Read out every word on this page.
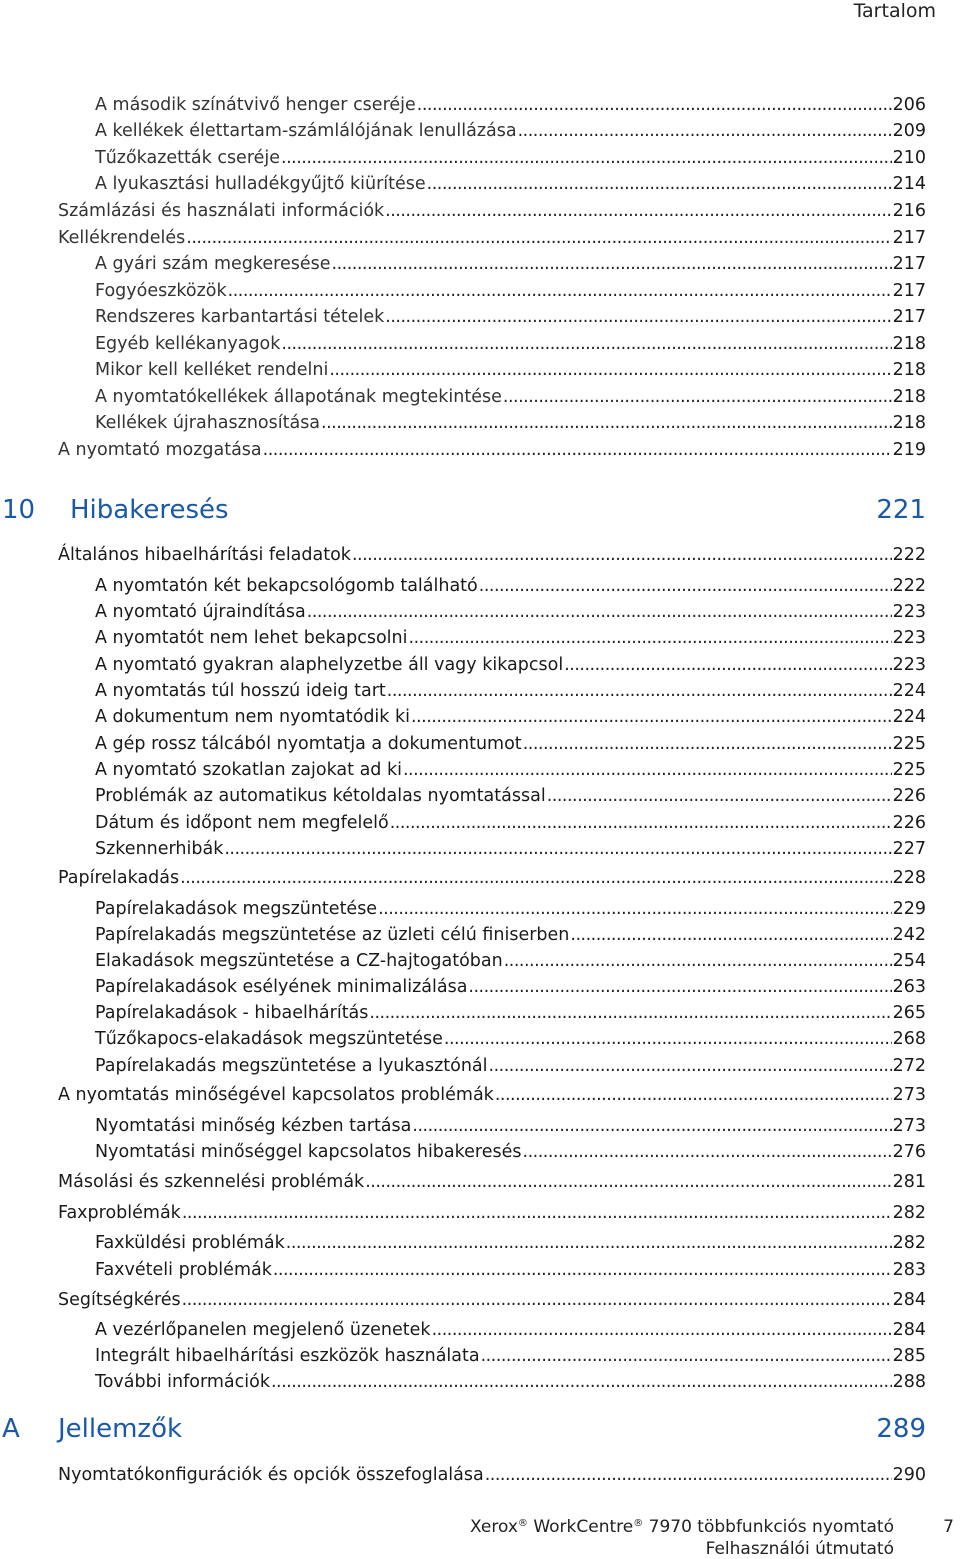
Tartalom
A második színátvivő henger cseréje .....	206
A kellékek élettartam-számlálójának lenullázása .....	209
Tűzőkazetták cseréje .....	210
A lyukasztási hulladékgyűjtő kiürítése .....	214
Számlázási és használati információk .....	216
Kellékrendelés .....	217
A gyári szám megkeresése .....	217
Fogyóeszközök .....	217
Rendszeres karbantartási tételek .....	217
Egyéb kellékanyagok .....	218
Mikor kell kelléket rendelni .....	218
A nyomtatókellékek állapotának megtekintése .....	218
Kellékek újrahasznosítása .....	218
A nyomtató mozgatása .....	219
10 Hibakeresés	221
Általános hibaelhárítási feladatok .....	222
A nyomtatón két bekapcsológomb található .....	222
A nyomtató újraindítása .....	223
A nyomtatót nem lehet bekapcsolni .....	223
A nyomtató gyakran alaphelyzetbe áll vagy kikapcsol .....	223
A nyomtatás túl hosszú ideig tart .....	224
A dokumentum nem nyomtatódik ki .....	224
A gép rossz tálcából nyomtatja a dokumentumot .....	225
A nyomtató szokatlan zajokat ad ki .....	225
Problémák az automatikus kétoldalas nyomtatással .....	226
Dátum és időpont nem megfelelő .....	226
Szkennerhibák .....	227
Papírelakadás .....	228
Papírelakadások megszüntetése .....	229
Papírelakadás megszüntetése az üzleti célú finiserben .....	242
Elakadások megszüntetése a CZ-hajtogatóban .....	254
Papírelakadások esélyének minimalizálása .....	263
Papírelakadások - hibaelhárítás .....	265
Tűzőkapocs-elakadások megszüntetése .....	268
Papírelakadás megszüntetése a lyukasztónál .....	272
A nyomtatás minőségével kapcsolatos problémák .....	273
Nyomtatási minőség kézben tartása .....	273
Nyomtatási minőséggel kapcsolatos hibakeresés .....	276
Másolási és szkennelési problémák .....	281
Faxproblémák .....	282
Faxküldési problémák .....	282
Faxvételi problémák .....	283
Segítségkérés .....	284
A vezérlőpanelen megjelenő üzenetek .....	284
Integrált hibaelhárítási eszközök használata .....	285
További információk .....	288
A Jellemzők	289
Nyomtatókonfigurációk és opciók összefoglalása .....	290
Xerox® WorkCentre® 7970 többfunkciós nyomtató
Felhasználói útmutató
7
